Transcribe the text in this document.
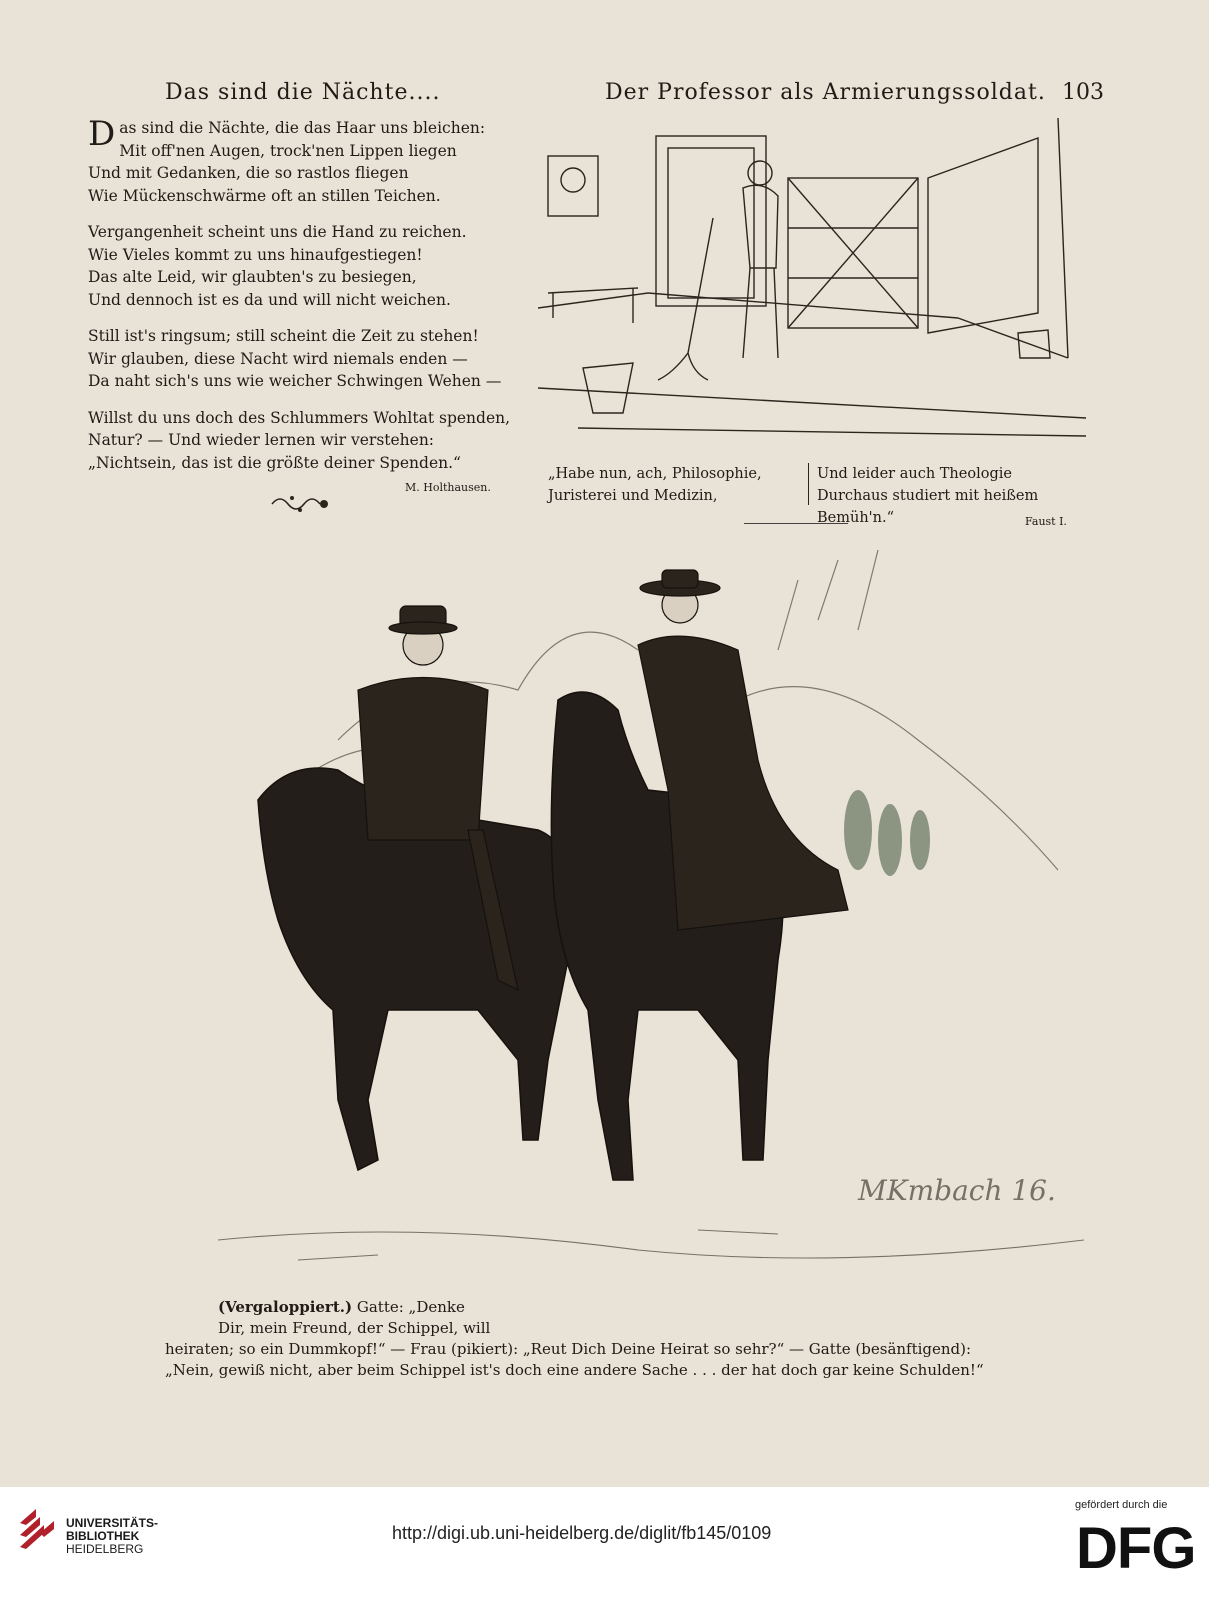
Das sind die Nächte....	Der Professor als Armierungssoldat. 103
D as sind die Nächte, die das Haar uns bleichen:
Mit off'nen Augen, trock'nen Lippen liegen
Und mit Gedanken, die so rastlos fliegen
Wie Mückenschwärme oft an stillen Teichen.
Vergangenheit scheint uns die Hand zu reichen.
Wie Vieles kommt zu uns hinaufgestiegen!
Das alte Leid, wir glaubten's zu besiegen,
Und dennoch ist es da und will nicht weichen.
Still ist's ringsum; still scheint die Zeit zu stehen!
Wir glauben, diese Nacht wird niemals enden —
Da naht sich's uns wie weicher Schwingen Wehen —
Willst du uns doch des Schlummers Wohltat spenden,
Natur? — Und wieder lernen wir verstehen:
„Nichtsein, das ist die größte deiner Spenden.“
M. Holthausen.
„Habe nun, ach, Philosophie,
Juristerei und Medizin,
Und leider auch Theologie
Durchaus studiert mit heißem Bemüh'n.“	Faust I.
MKmbach 16.
(Vergaloppiert.) Gatte: „Denke
Dir, mein Freund, der Schippel, will
heiraten; so ein Dummkopf!“ — Frau (pikiert): „Reut Dich Deine Heirat so sehr?“ — Gatte (besänftigend):
„Nein, gewiß nicht, aber beim Schippel ist's doch eine andere Sache . . . der hat doch gar keine Schulden!“
UNIVERSITÄTS-
BIBLIOTHEK
HEIDELBERG
http://digi.ub.uni-heidelberg.de/diglit/fb145/0109
gefördert durch die
DFG
